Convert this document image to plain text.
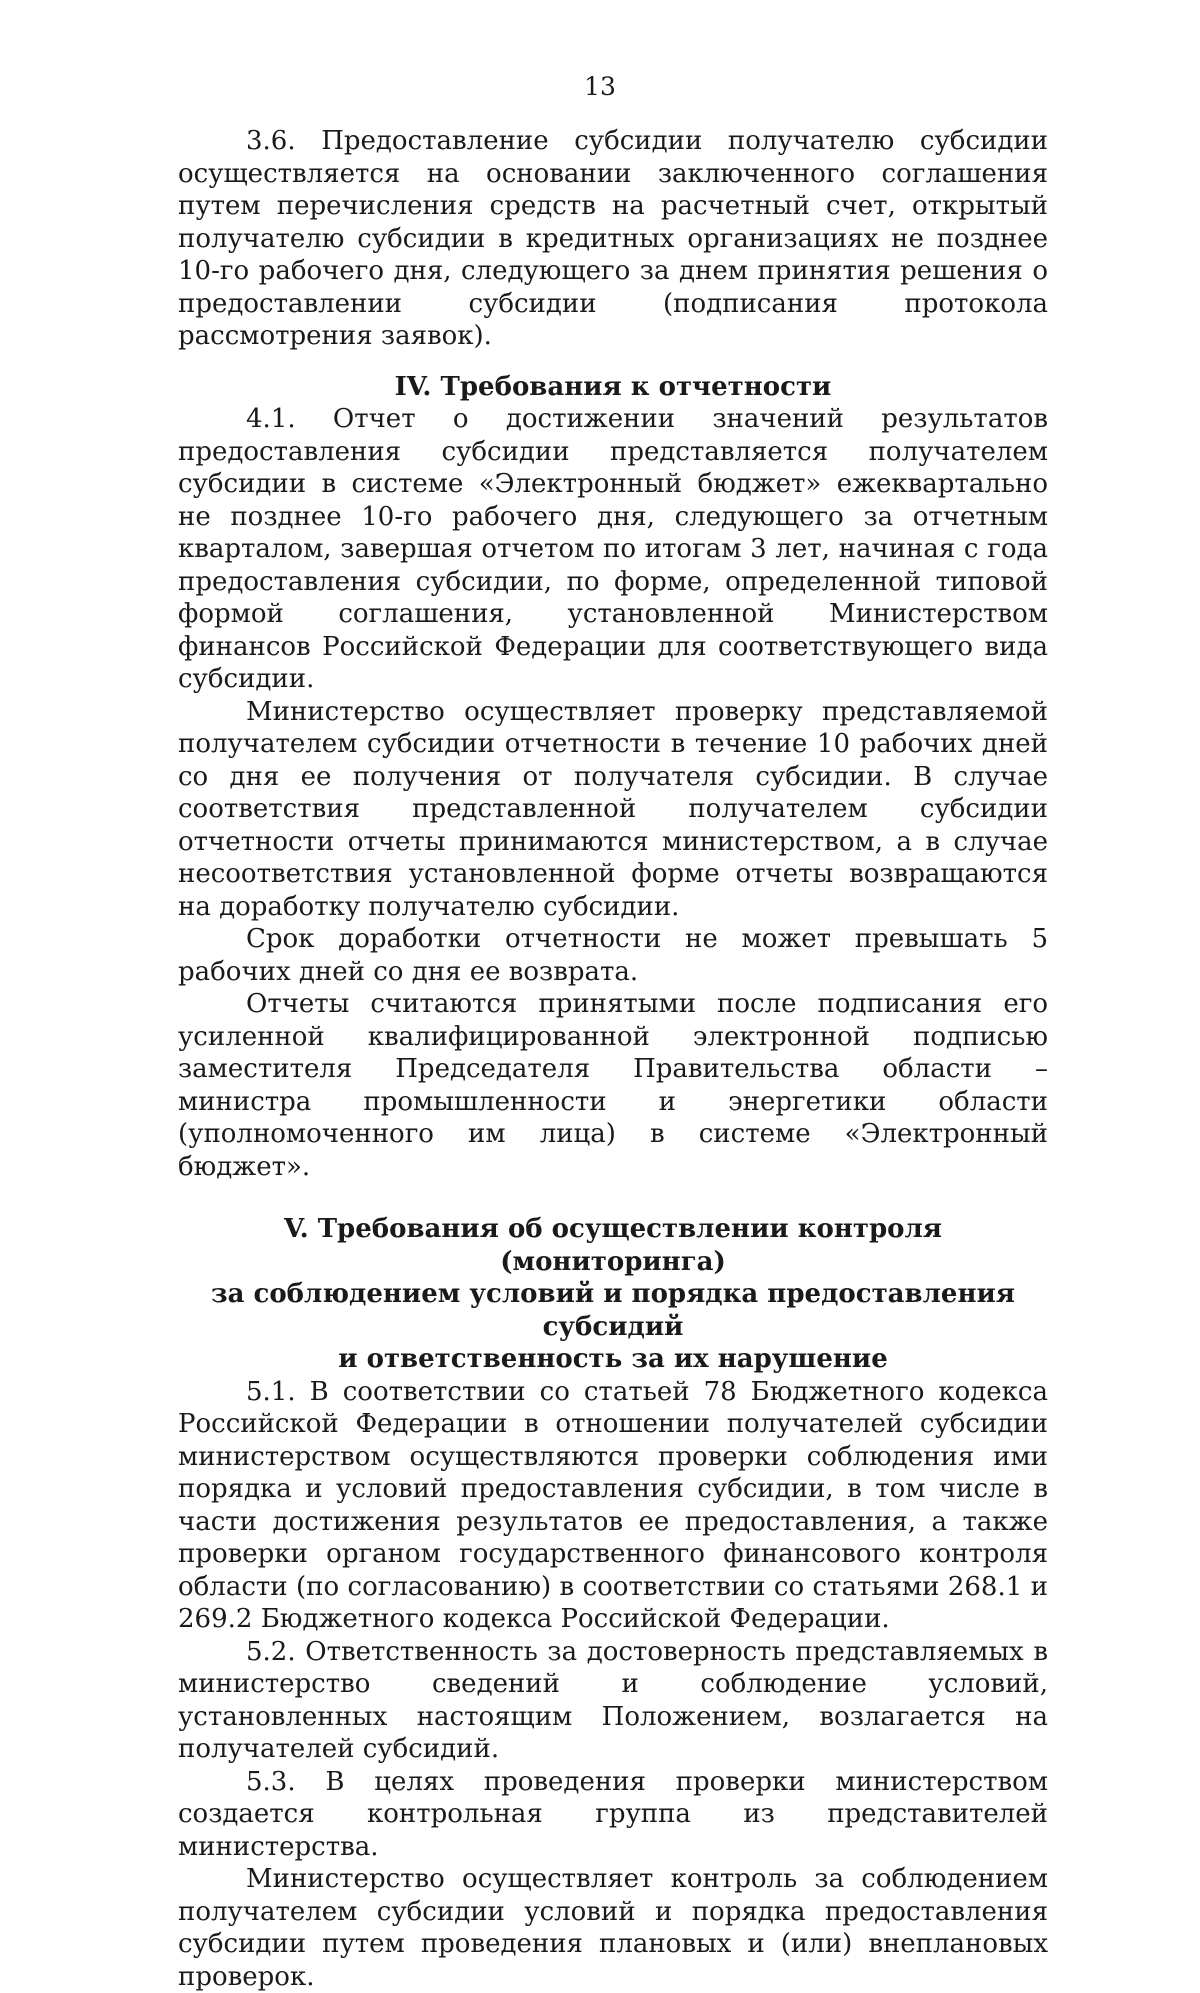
13

3.6. Предоставление субсидии получателю субсидии осуществляется на основании заключенного соглашения путем перечисления средств на расчетный счет, открытый получателю субсидии в кредитных организациях не позднее 10-го рабочего дня, следующего за днем принятия решения о предоставлении субсидии (подписания протокола рассмотрения заявок).

IV. Требования к отчетности

4.1. Отчет о достижении значений результатов предоставления субсидии представляется получателем субсидии в системе «Электронный бюджет» ежеквартально не позднее 10-го рабочего дня, следующего за отчетным кварталом, завершая отчетом по итогам 3 лет, начиная с года предоставления субсидии, по форме, определенной типовой формой соглашения, установленной Министерством финансов Российской Федерации для соответствующего вида субсидии.

Министерство осуществляет проверку представляемой получателем субсидии отчетности в течение 10 рабочих дней со дня ее получения от получателя субсидии. В случае соответствия представленной получателем субсидии отчетности отчеты принимаются министерством, а в случае несоответствия установленной форме отчеты возвращаются на доработку получателю субсидии.

Срок доработки отчетности не может превышать 5 рабочих дней со дня ее возврата.

Отчеты считаются принятыми после подписания его усиленной квалифицированной электронной подписью заместителя Председателя Правительства области – министра промышленности и энергетики области (уполномоченного им лица) в системе «Электронный бюджет».

V. Требования об осуществлении контроля (мониторинга)
за соблюдением условий и порядка предоставления субсидий
и ответственность за их нарушение

5.1. В соответствии со статьей 78 Бюджетного кодекса Российской Федерации в отношении получателей субсидии министерством осуществляются проверки соблюдения ими порядка и условий предоставления субсидии, в том числе в части достижения результатов ее предоставления, а также проверки органом государственного финансового контроля области (по согласованию) в соответствии со статьями 268.1 и 269.2 Бюджетного кодекса Российской Федерации.

5.2. Ответственность за достоверность представляемых в министерство сведений и соблюдение условий, установленных настоящим Положением, возлагается на получателей субсидий.

5.3. В целях проведения проверки министерством создается контрольная группа из представителей министерства.

Министерство осуществляет контроль за соблюдением получателем субсидии условий и порядка предоставления субсидии путем проведения плановых и (или) внеплановых проверок.
